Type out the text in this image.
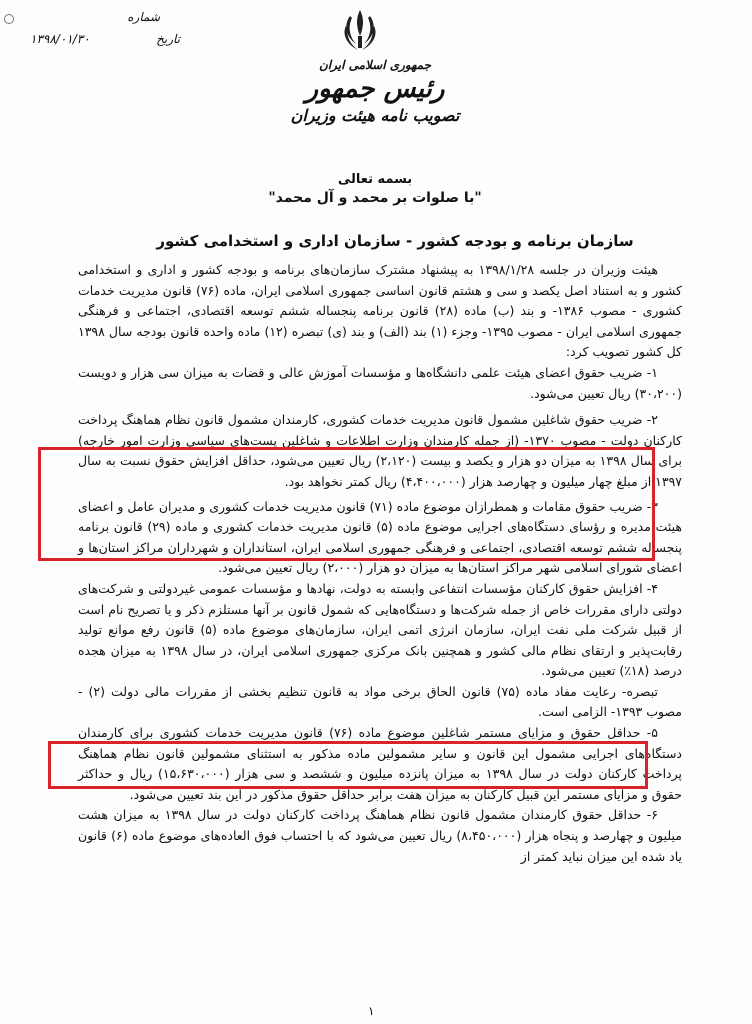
شماره
۱۳۹۸/۰۱/۳۰	تاریخ
جمهوری اسلامی ایران
رئیس جمهور
تصویب نامه هیئت وزیران
بسمه تعالی
"با صلوات بر محمد و آل محمد"
سازمان برنامه و بودجه کشور - سازمان اداری و استخدامی کشور

هیئت وزیران در جلسه ۱۳۹۸/۱/۲۸ به پیشنهاد مشترک سازمان‌های برنامه و بودجه کشور و اداری و استخدامی کشور و به استناد اصل یکصد و سی و هشتم قانون اساسی جمهوری اسلامی ایران، ماده (۷۶) قانون مدیریت خدمات کشوری - مصوب ۱۳۸۶- و بند (ب) ماده (۲۸) قانون برنامه پنجساله ششم توسعه اقتصادی، اجتماعی و فرهنگی جمهوری اسلامی ایران - مصوب ۱۳۹۵- وجزء (۱) بند (الف) و بند (ی) تبصره (۱۲) ماده واحده قانون بودجه سال ۱۳۹۸ کل کشور تصویب کرد:

۱- ضریب حقوق اعضای هیئت علمی دانشگاه‌ها و مؤسسات آموزش عالی و قضات به میزان سی هزار و دویست (۳۰،۲۰۰) ریال تعیین می‌شود.

۲- ضریب حقوق شاغلین مشمول قانون مدیریت خدمات کشوری، کارمندان مشمول قانون نظام هماهنگ پرداخت کارکنان دولت - مصوب ۱۳۷۰- (از جمله کارمندان وزارت اطلاعات و شاغلین پست‌های سیاسی وزارت امور خارجه) برای سال ۱۳۹۸ به میزان دو هزار و یکصد و بیست (۲،۱۲۰) ریال تعیین می‌شود، حداقل افزایش حقوق نسبت به سال ۱۳۹۷ از مبلغ چهار میلیون و چهارصد هزار (۴،۴۰۰،۰۰۰) ریال کمتر نخواهد بود.

۳- ضریب حقوق مقامات و همطرازان موضوع ماده (۷۱) قانون مدیریت خدمات کشوری و مدیران عامل و اعضای هیئت مدیره و رؤسای دستگاه‌های اجرایی موضوع ماده (۵) قانون مدیریت خدمات کشوری و ماده (۲۹) قانون برنامه پنجساله ششم توسعه اقتصادی، اجتماعی و فرهنگی جمهوری اسلامی ایران، استانداران و شهرداران مراکز استان‌ها و اعضای شورای اسلامی شهر مراکز استان‌ها به میزان دو هزار (۲،۰۰۰) ریال تعیین می‌شود.

۴- افزایش حقوق کارکنان مؤسسات انتفاعی وابسته به دولت، نهادها و مؤسسات عمومی غیردولتی و شرکت‌های دولتی دارای مقررات خاص از جمله شرکت‌ها و دستگاه‌هایی که شمول قانون بر آنها مستلزم ذکر و یا تصریح نام است از قبیل شرکت ملی نفت ایران، سازمان انرژی اتمی ایران، سازمان‌های موضوع ماده (۵) قانون رفع موانع تولید رقابت‌پذیر و ارتقای نظام مالی کشور و همچنین بانک مرکزی جمهوری اسلامی ایران، در سال ۱۳۹۸ به میزان هجده درصد (۱۸٪) تعیین می‌شود.

تبصره- رعایت مفاد ماده (۷۵) قانون الحاق برخی مواد به قانون تنظیم بخشی از مقررات مالی دولت (۲) - مصوب ۱۳۹۳- الزامی است.

۵- حداقل حقوق و مزایای مستمر شاغلین موضوع ماده (۷۶) قانون مدیریت خدمات کشوری برای کارمندان دستگاه‌های اجرایی مشمول این قانون و سایر مشمولین ماده مذکور به استثنای مشمولین قانون نظام هماهنگ پرداخت کارکنان دولت در سال ۱۳۹۸ به میزان پانزده میلیون و ششصد و سی هزار (۱۵،۶۳۰،۰۰۰) ریال و حداکثر حقوق و مزایای مستمر این قبیل کارکنان به میزان هفت برابر حداقل حقوق مذکور در این بند تعیین می‌شود.

۶- حداقل حقوق کارمندان مشمول قانون نظام هماهنگ پرداخت کارکنان دولت در سال ۱۳۹۸ به میزان هشت میلیون و چهارصد و پنجاه هزار (۸،۴۵۰،۰۰۰) ریال تعیین می‌شود که با احتساب فوق العاده‌های موضوع ماده (۶) قانون یاد شده این میزان نباید کمتر از

۱
